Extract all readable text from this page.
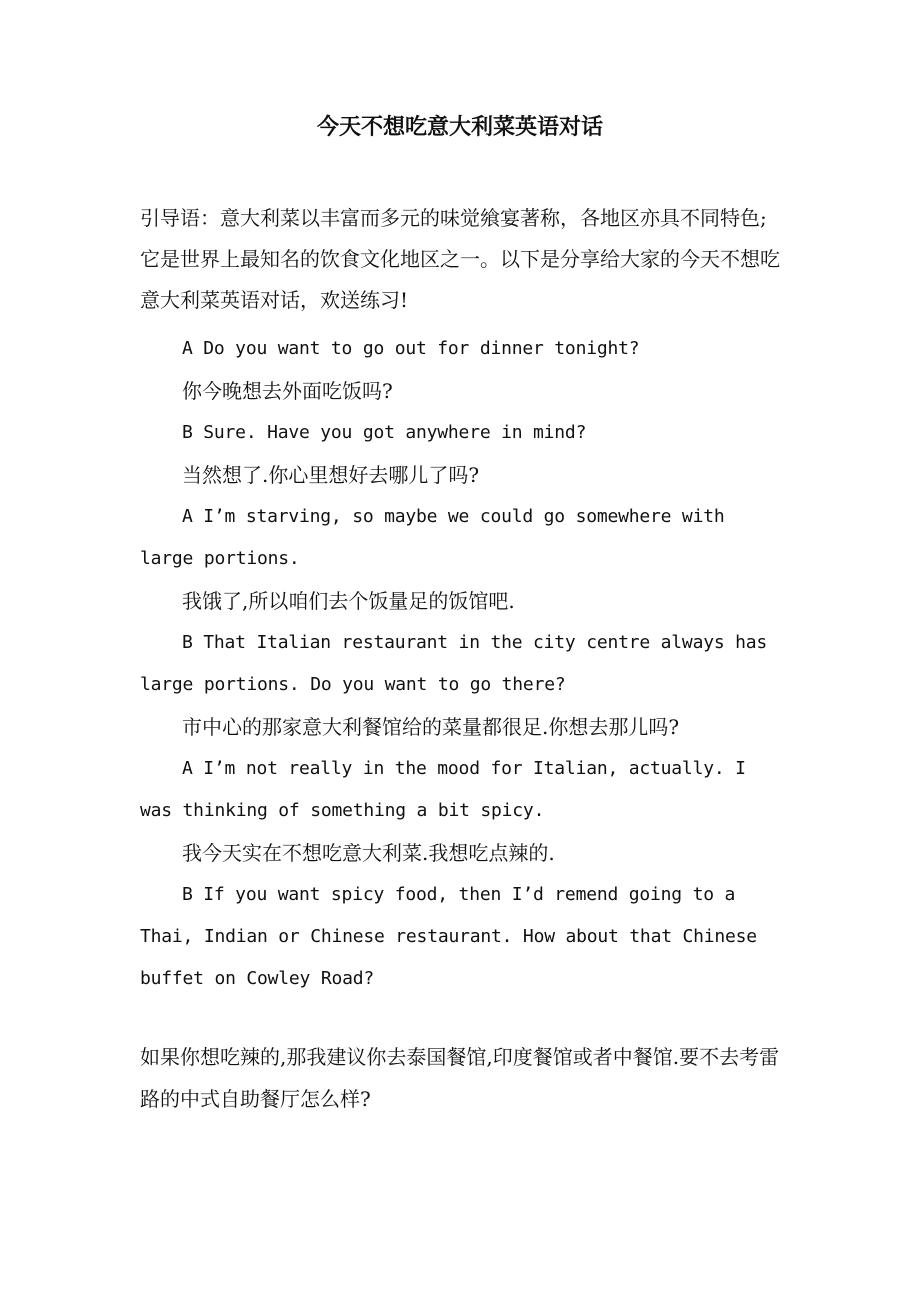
今天不想吃意大利菜英语对话

引导语：意大利菜以丰富而多元的味觉飨宴著称，各地区亦具不同特色;它是世界上最知名的饮食文化地区之一。以下是分享给大家的今天不想吃意大利菜英语对话，欢送练习!

A Do you want to go out for dinner tonight?

你今晚想去外面吃饭吗?

B Sure. Have you got anywhere in mind?

当然想了.你心里想好去哪儿了吗?

A I’m starving, so maybe we could go somewhere with large portions.

我饿了,所以咱们去个饭量足的饭馆吧.

B That Italian restaurant in the city centre always has large portions. Do you want to go there?

市中心的那家意大利餐馆给的菜量都很足.你想去那儿吗?

A I’m not really in the mood for Italian, actually. I was thinking of something a bit spicy.

我今天实在不想吃意大利菜.我想吃点辣的.

B If you want spicy food, then I’d remend going to a Thai, Indian or Chinese restaurant. How about that Chinese buffet on Cowley Road?

如果你想吃辣的,那我建议你去泰国餐馆,印度餐馆或者中餐馆.要不去考雷路的中式自助餐厅怎么样?
